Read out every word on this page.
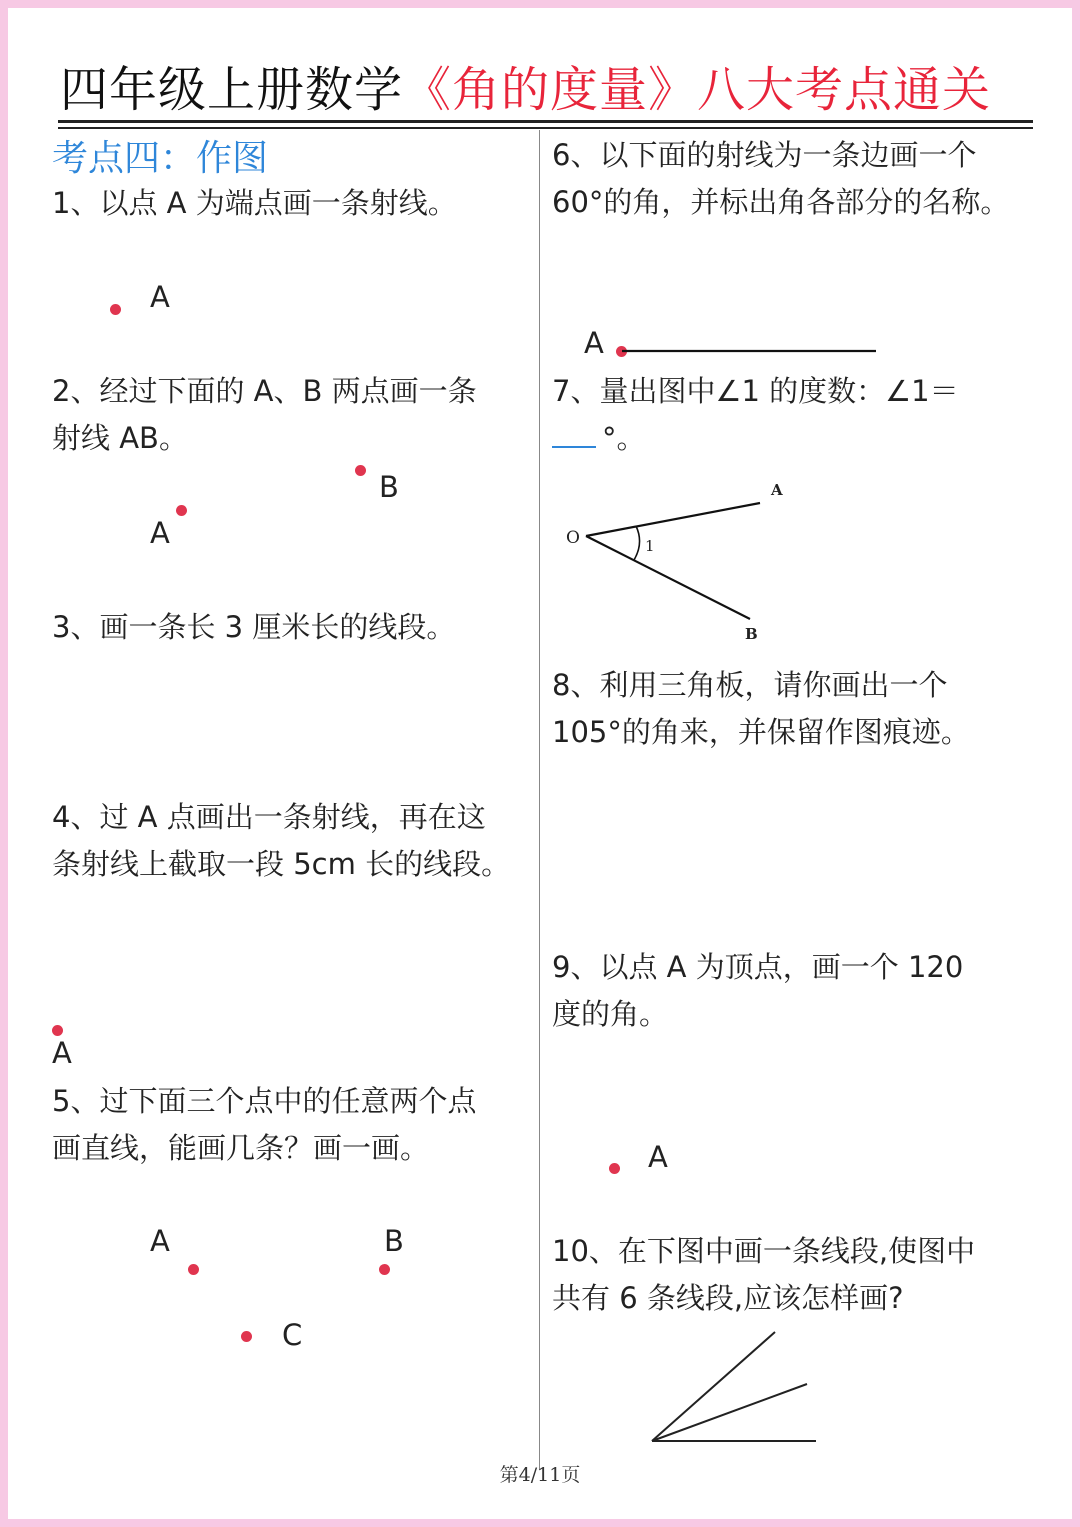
四年级上册数学《角的度量》八大考点通关
考点四：作图
1、以点 A 为端点画一条射线。
A
2、经过下面的 A、B 两点画一条
射线 AB。
B
A
3、画一条长 3 厘米长的线段。
4、过 A 点画出一条射线，再在这
条射线上截取一段 5cm 长的线段。
A
5、过下面三个点中的任意两个点
画直线，能画几条？画一画。
A	B
C
6、以下面的射线为一条边画一个
60°的角，并标出角各部分的名称。
A
7、量出图中∠1 的度数：∠1＝
°。
O
A
B
1
8、利用三角板，请你画出一个
105°的角来，并保留作图痕迹。
9、以点 A 为顶点，画一个 120
度的角。
A
10、在下图中画一条线段,使图中
共有 6 条线段,应该怎样画?
第4/11页
